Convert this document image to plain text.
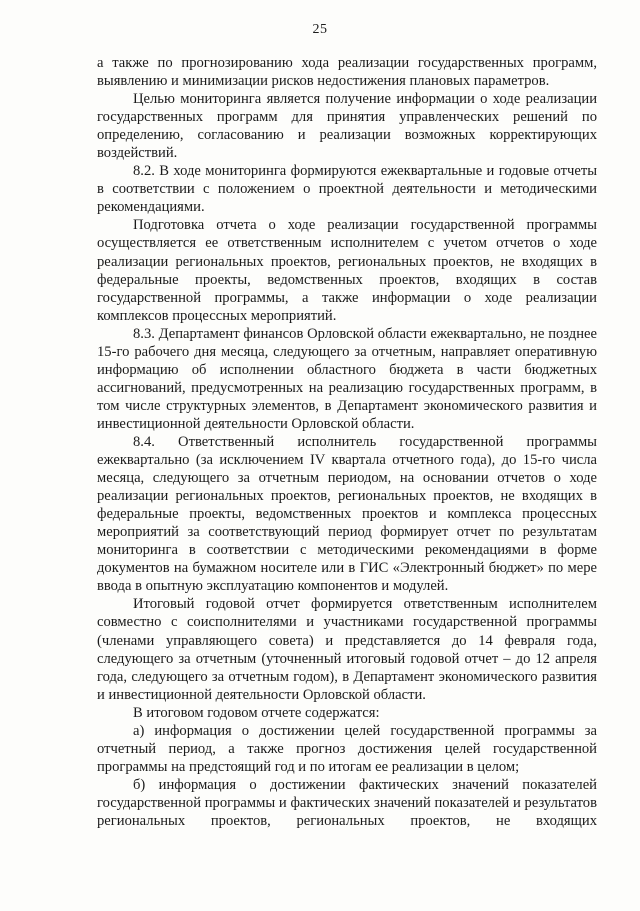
25

а также по прогнозированию хода реализации государственных программ, выявлению и минимизации рисков недостижения плановых параметров.

Целью мониторинга является получение информации о ходе реализации государственных программ для принятия управленческих решений по определению, согласованию и реализации возможных корректирующих воздействий.

8.2. В ходе мониторинга формируются ежеквартальные и годовые отчеты в соответствии с положением о проектной деятельности и методическими рекомендациями.

Подготовка отчета о ходе реализации государственной программы осуществляется ее ответственным исполнителем с учетом отчетов о ходе реализации региональных проектов, региональных проектов, не входящих в федеральные проекты, ведомственных проектов, входящих в состав государственной программы, а также информации о ходе реализации комплексов процессных мероприятий.

8.3. Департамент финансов Орловской области ежеквартально, не позднее 15-го рабочего дня месяца, следующего за отчетным, направляет оперативную информацию об исполнении областного бюджета в части бюджетных ассигнований, предусмотренных на реализацию государственных программ, в том числе структурных элементов, в Департамент экономического развития и инвестиционной деятельности Орловской области.

8.4. Ответственный исполнитель государственной программы ежеквартально (за исключением IV квартала отчетного года), до 15-го числа месяца, следующего за отчетным периодом, на основании отчетов о ходе реализации региональных проектов, региональных проектов, не входящих в федеральные проекты, ведомственных проектов и комплекса процессных мероприятий за соответствующий период формирует отчет по результатам мониторинга в соответствии с методическими рекомендациями в форме документов на бумажном носителе или в ГИС «Электронный бюджет» по мере ввода в опытную эксплуатацию компонентов и модулей.

Итоговый годовой отчет формируется ответственным исполнителем совместно с соисполнителями и участниками государственной программы (членами управляющего совета) и представляется до 14 февраля года, следующего за отчетным (уточненный итоговый годовой отчет – до 12 апреля года, следующего за отчетным годом), в Департамент экономического развития и инвестиционной деятельности Орловской области.

В итоговом годовом отчете содержатся:

а) информация о достижении целей государственной программы за отчетный период, а также прогноз достижения целей государственной программы на предстоящий год и по итогам ее реализации в целом;

б) информация о достижении фактических значений показателей государственной программы и фактических значений показателей и результатов региональных проектов, региональных проектов, не входящих
